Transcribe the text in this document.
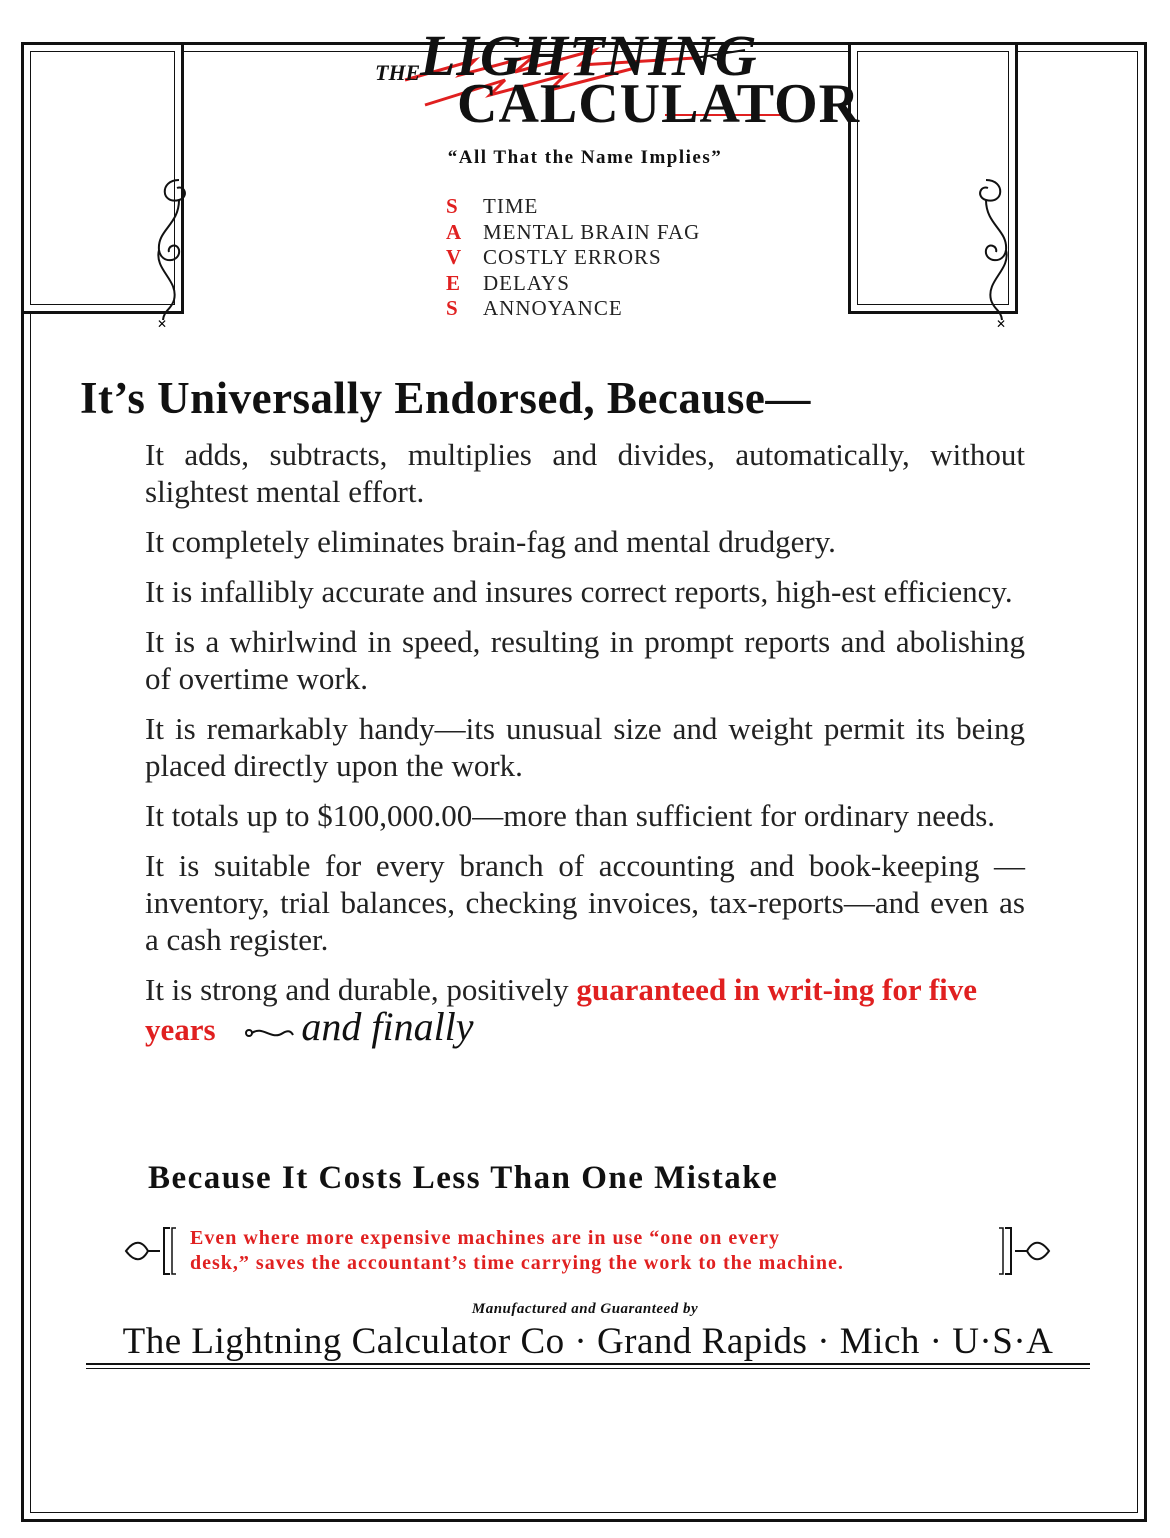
✕	✕
THE LIGHTNING
CALCULATOR
“All That the Name Implies”
S	TIME
A	MENTAL BRAIN FAG
V	COSTLY ERRORS
E	DELAYS
S	ANNOYANCE
It’s Universally Endorsed, Because—

It adds, subtracts, multiplies and divides, automatically, without slightest mental effort.

It completely eliminates brain-fag and mental drudgery.

It is infallibly accurate and insures correct reports, high-est efficiency.

It is a whirlwind in speed, resulting in prompt reports and abolishing of overtime work.

It is remarkably handy—its unusual size and weight permit its being placed directly upon the work.

It totals up to $100,000.00—more than sufficient for ordinary needs.

It is suitable for every branch of accounting and book-keeping — inventory, trial balances, checking invoices, tax-reports—and even as a cash register.

It is strong and durable, positively guaranteed in writ-ing for five years and finally

Because It Costs Less Than One Mistake
Even where more expensive machines are in use “one on every
desk,” saves the accountant’s time carrying the work to the machine.
Manufactured and Guaranteed by
The Lightning Calculator Co · Grand Rapids · Mich · U·S·A
